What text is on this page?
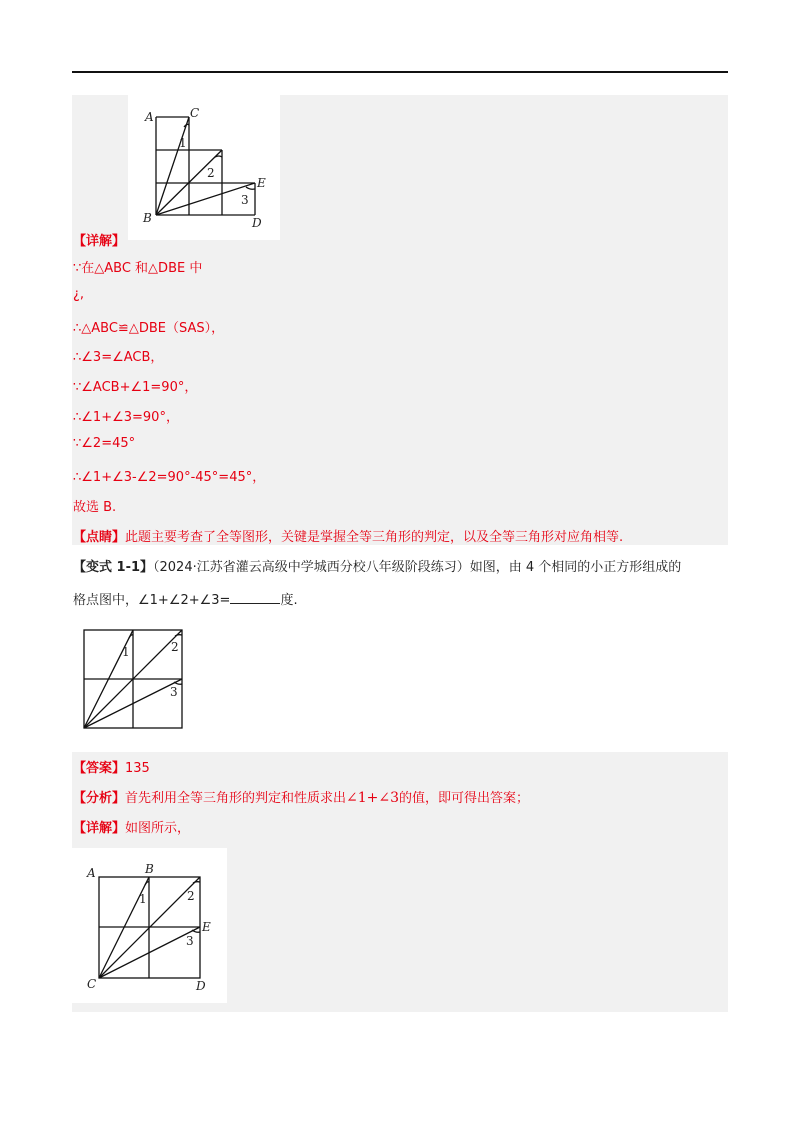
A	C
B
E
D
1
2
3
【详解】
∵在△ABC 和△DBE 中
¿,
∴△ABC≌△DBE（SAS），
∴∠3=∠ACB，
∵∠ACB+∠1=90°，
∴∠1+∠3=90°，
∵∠2=45°
∴∠1+∠3-∠2=90°-45°=45°，
故选 B.
【点睛】此题主要考查了全等图形，关键是掌握全等三角形的判定，以及全等三角形对应角相等.
【变式 1-1】（2024·江苏省灌云高级中学城西分校八年级阶段练习）如图，由 4 个相同的小正方形组成的
格点图中，∠1+∠2+∠3=	度.
1	2
3
【答案】135
【分析】首先利用全等三角形的判定和性质求出∠1+∠3的值，即可得出答案；
【详解】如图所示，
A	B
C	D
E
1	2
3
